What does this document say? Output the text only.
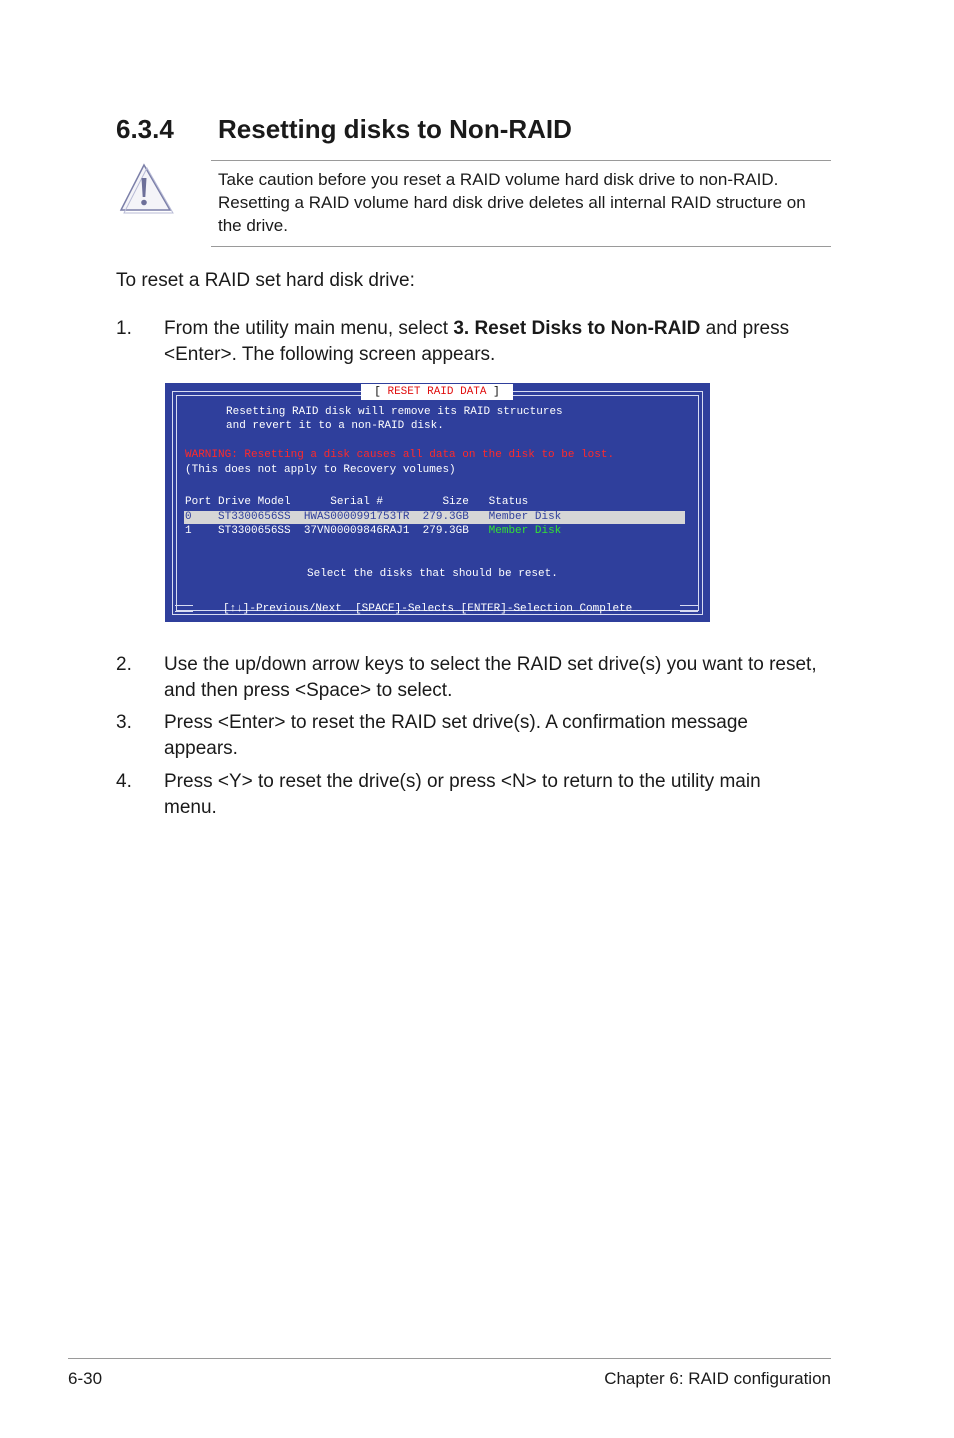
6.3.4 Resetting disks to Non-RAID
Take caution before you reset a RAID volume hard disk drive to non-RAID.
Resetting a RAID volume hard disk drive deletes all internal RAID structure on
the drive.
To reset a RAID set hard disk drive:
1. From the utility main menu, select 3. Reset Disks to Non-RAID and press
<Enter>. The following screen appears.
[ RESET RAID DATA ]
Resetting RAID disk will remove its RAID structures
and revert it to a non-RAID disk.
WARNING: Resetting a disk causes all data on the disk to be lost.
(This does not apply to Recovery volumes)
Port Drive Model      Serial #         Size   Status
0    ST3300656SS  HWAS0000991753TR  279.3GB   Member Disk
1    ST3300656SS  37VN00009846RAJ1  279.3GB   Member Disk
Select the disks that should be reset.
[↑↓]-Previous/Next  [SPACE]-Selects [ENTER]-Selection Complete
2. Use the up/down arrow keys to select the RAID set drive(s) you want to reset,
and then press <Space> to select.
3. Press <Enter> to reset the RAID set drive(s). A confirmation message
appears.
4. Press <Y> to reset the drive(s) or press <N> to return to the utility main
menu.
6-30	Chapter 6: RAID configuration
